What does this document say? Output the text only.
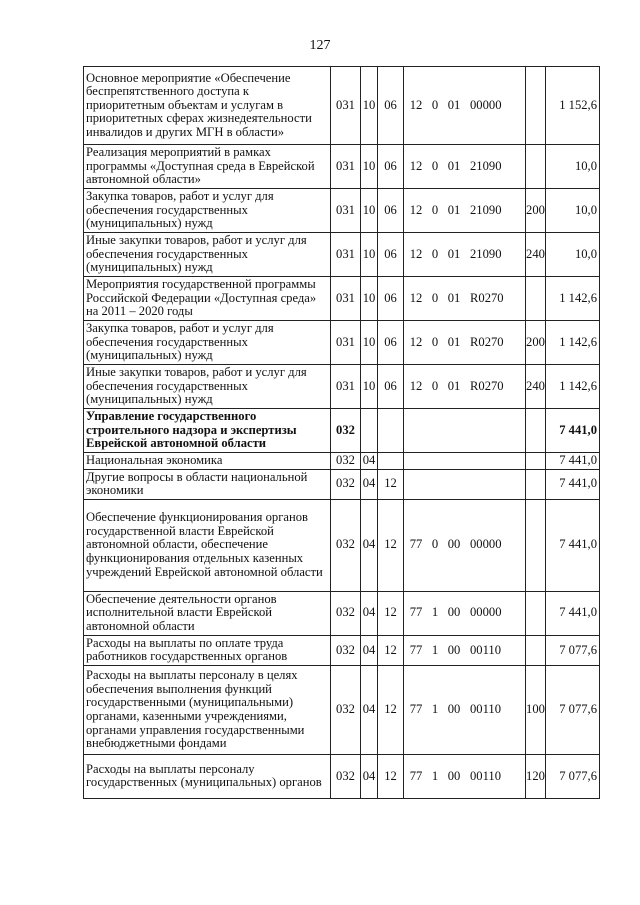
127
Основное мероприятие «Обеспечение беспрепятственного доступа к приоритетным объектам и услугам в приоритетных сферах жизнедеятельности инвалидов и других МГН в области»	031	10	06	12 0 01 00000		1 152,6
Реализация мероприятий в рамках программы «Доступная среда в Еврейской автономной области»	031	10	06	12 0 01 21090		10,0
Закупка товаров, работ и услуг для обеспечения государственных (муниципальных) нужд	031	10	06	12 0 01 21090	200	10,0
Иные закупки товаров, работ и услуг для обеспечения государственных (муниципальных) нужд	031	10	06	12 0 01 21090	240	10,0
Мероприятия государственной программы Российской Федерации «Доступная среда» на 2011 – 2020 годы	031	10	06	12 0 01 R0270		1 142,6
Закупка товаров, работ и услуг для обеспечения государственных (муниципальных) нужд	031	10	06	12 0 01 R0270	200	1 142,6
Иные закупки товаров, работ и услуг для обеспечения государственных (муниципальных) нужд	031	10	06	12 0 01 R0270	240	1 142,6
Управление государственного строительного надзора и экспертизы Еврейской автономной области	032					7 441,0
Национальная экономика	032	04				7 441,0
Другие вопросы в области национальной экономики	032	04	12			7 441,0
Обеспечение функционирования органов государственной власти Еврейской автономной области, обеспечение функционирования отдельных казенных учреждений Еврейской автономной области	032	04	12	77 0 00 00000		7 441,0
Обеспечение деятельности органов исполнительной власти Еврейской автономной области	032	04	12	77 1 00 00000		7 441,0
Расходы на выплаты по оплате труда работников государственных органов	032	04	12	77 1 00 00110		7 077,6
Расходы на выплаты персоналу в целях обеспечения выполнения функций государственными (муниципальными) органами, казенными учреждениями, органами управления государственными внебюджетными фондами	032	04	12	77 1 00 00110	100	7 077,6
Расходы на выплаты персоналу государственных (муниципальных) органов	032	04	12	77 1 00 00110	120	7 077,6
